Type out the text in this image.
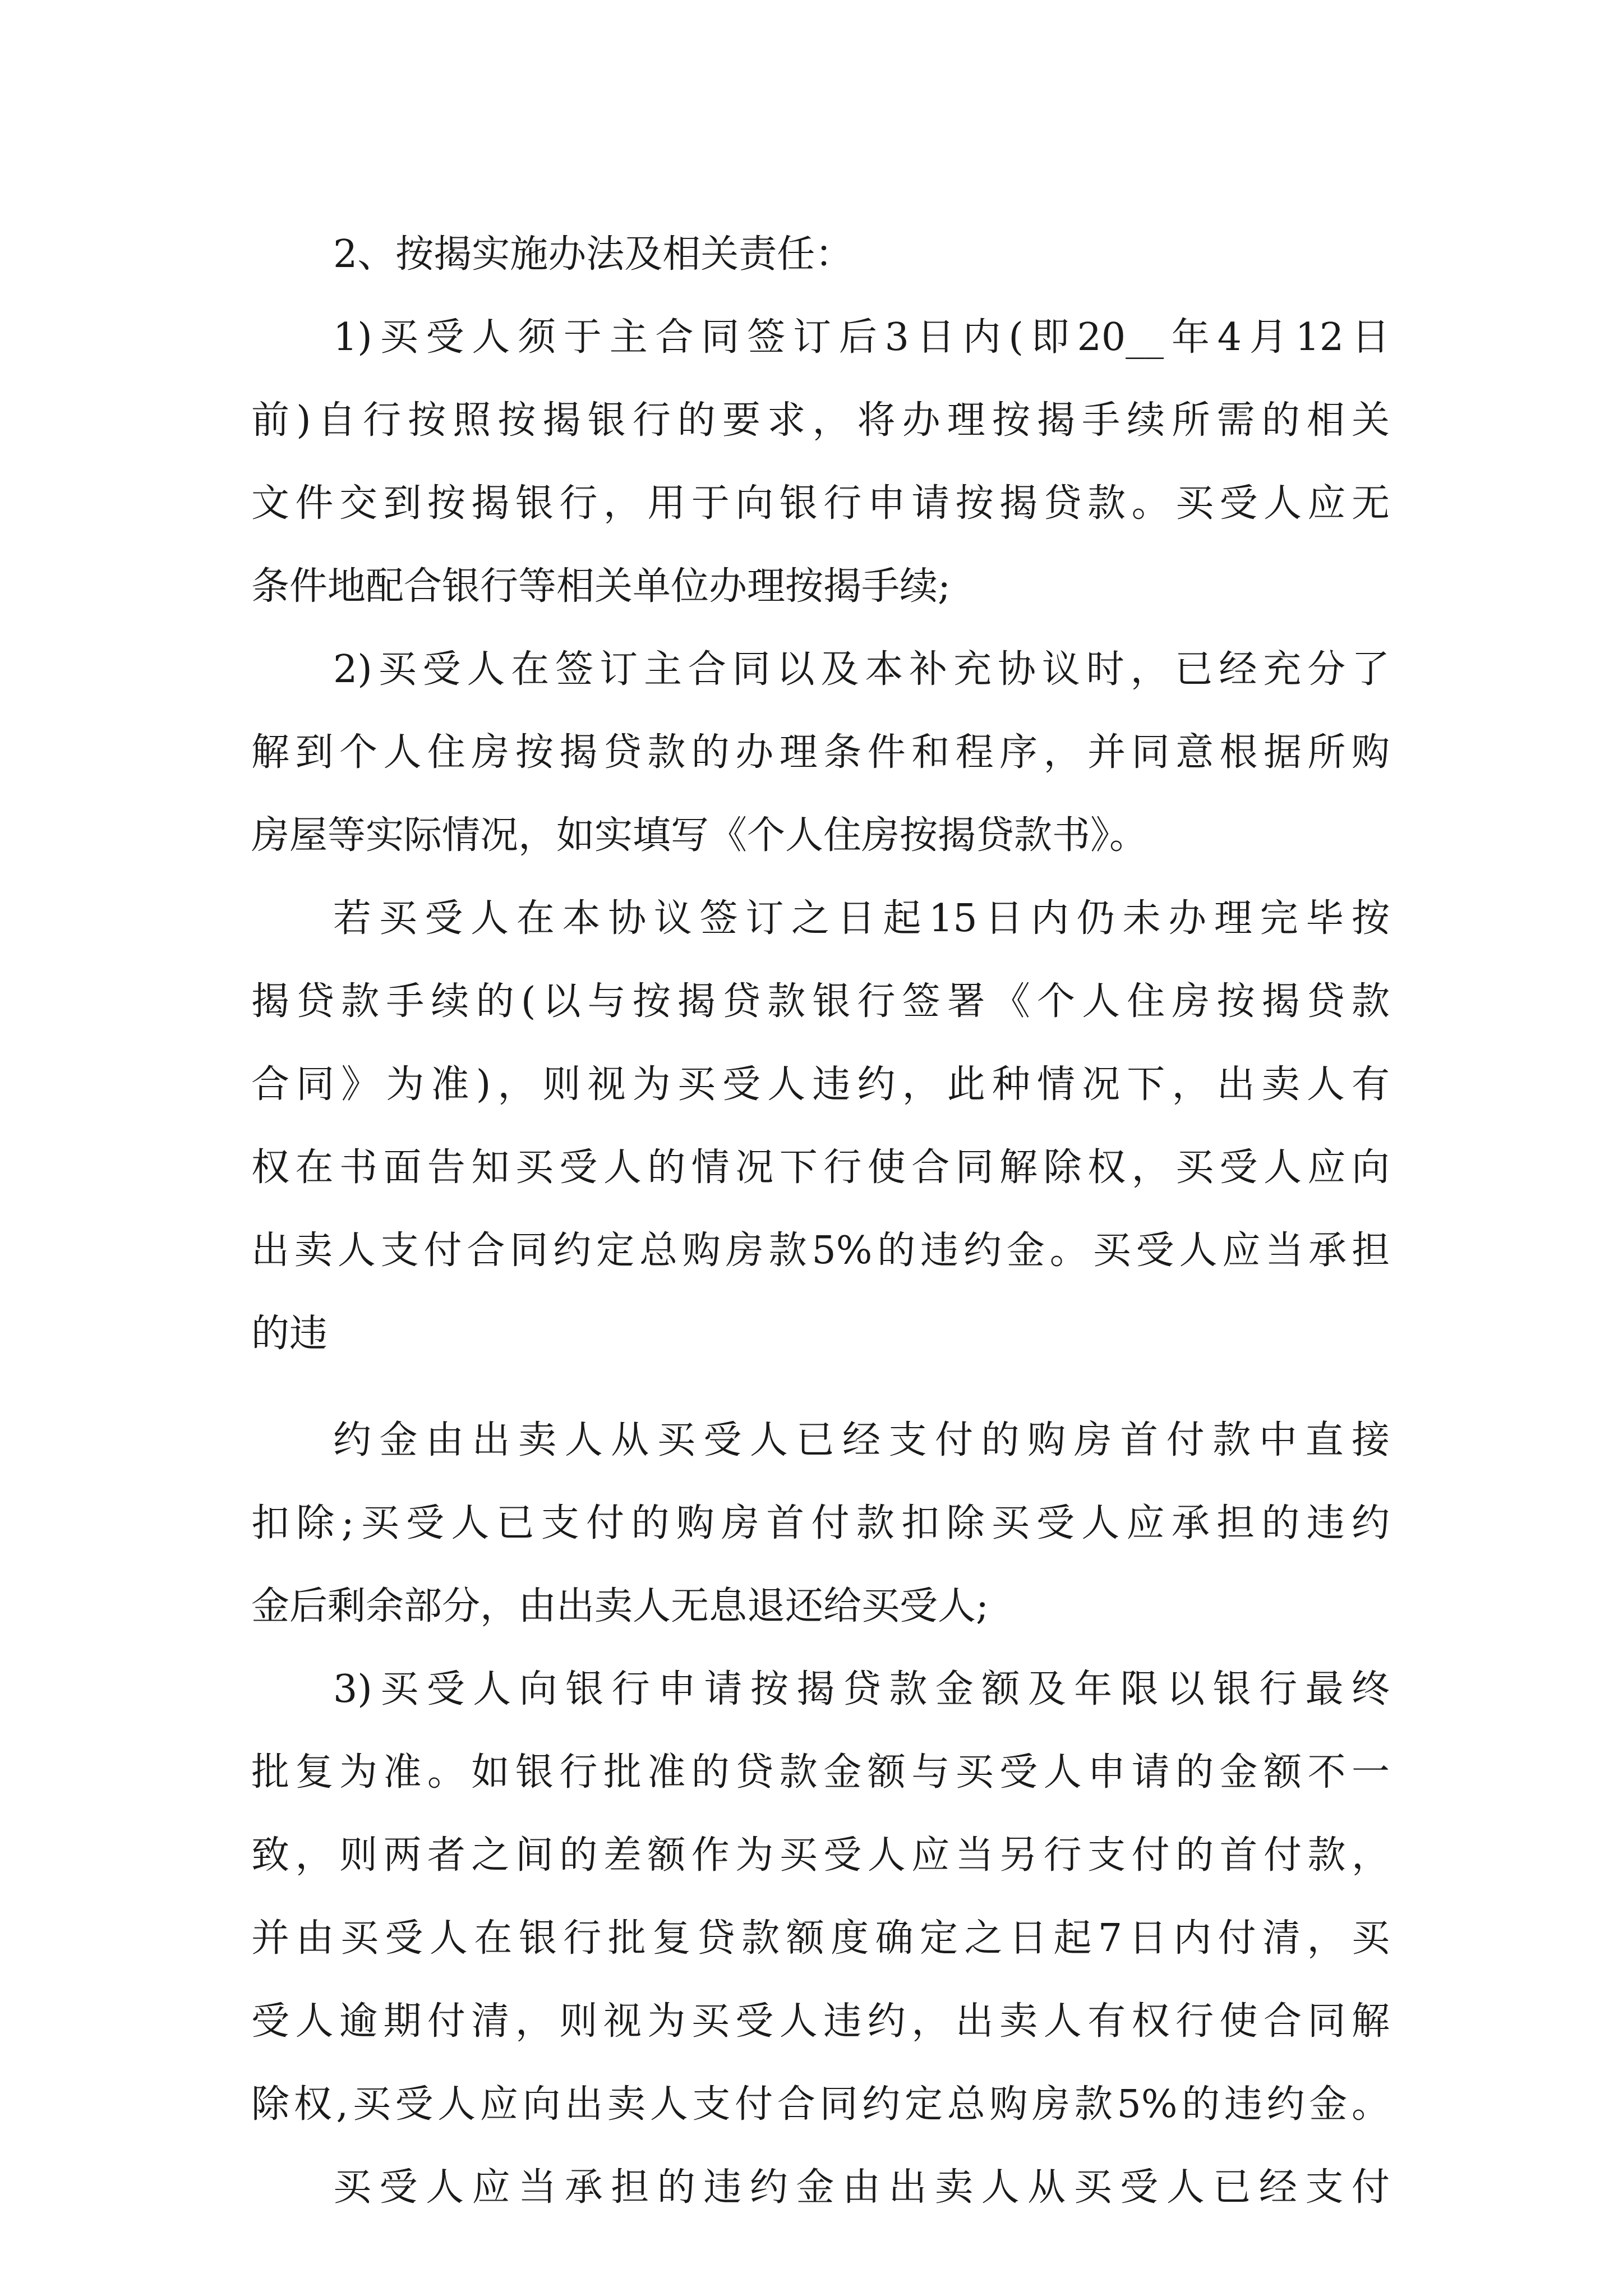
2、按揭实施办法及相关责任：
1)买受人须于主合同签订后3日内(即20__年4月12日
前)自行按照按揭银行的要求，将办理按揭手续所需的相关
文件交到按揭银行，用于向银行申请按揭贷款。买受人应无
条件地配合银行等相关单位办理按揭手续;
2)买受人在签订主合同以及本补充协议时，已经充分了
解到个人住房按揭贷款的办理条件和程序，并同意根据所购
房屋等实际情况，如实填写《个人住房按揭贷款书》。
若买受人在本协议签订之日起15日内仍未办理完毕按
揭贷款手续的(以与按揭贷款银行签署《个人住房按揭贷款
合同》为准)，则视为买受人违约，此种情况下，出卖人有
权在书面告知买受人的情况下行使合同解除权，买受人应向
出卖人支付合同约定总购房款5%的违约金。买受人应当承担
的违
约金由出卖人从买受人已经支付的购房首付款中直接
扣除;买受人已支付的购房首付款扣除买受人应承担的违约
金后剩余部分，由出卖人无息退还给买受人;
3)买受人向银行申请按揭贷款金额及年限以银行最终
批复为准。如银行批准的贷款金额与买受人申请的金额不一
致，则两者之间的差额作为买受人应当另行支付的首付款，
并由买受人在银行批复贷款额度确定之日起7日内付清，买
受人逾期付清，则视为买受人违约，出卖人有权行使合同解
除权,买受人应向出卖人支付合同约定总购房款5%的违约金。
买受人应当承担的违约金由出卖人从买受人已经支付
